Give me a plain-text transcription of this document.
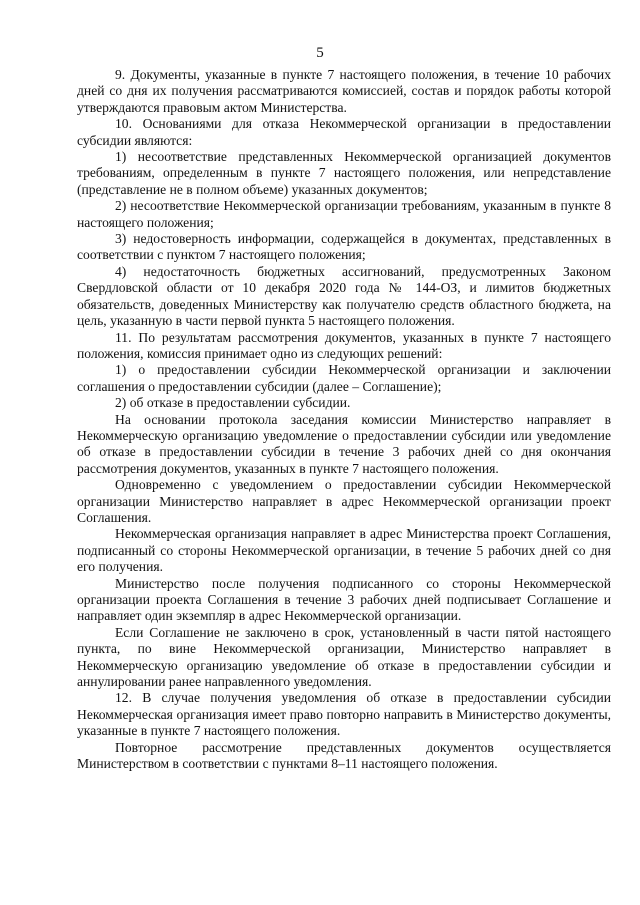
5

9. Документы, указанные в пункте 7 настоящего положения, в течение 10 рабочих дней со дня их получения рассматриваются комиссией, состав и порядок работы которой утверждаются правовым актом Министерства.

10. Основаниями для отказа Некоммерческой организации в предоставлении субсидии являются:

1) несоответствие представленных Некоммерческой организацией документов требованиям, определенным в пункте 7 настоящего положения, или непредставление (представление не в полном объеме) указанных документов;

2) несоответствие Некоммерческой организации требованиям, указанным в пункте 8 настоящего положения;

3) недостоверность информации, содержащейся в документах, представленных в соответствии с пунктом 7 настоящего положения;

4) недостаточность бюджетных ассигнований, предусмотренных Законом Свердловской области от 10 декабря 2020 года № 144-ОЗ, и лимитов бюджетных обязательств, доведенных Министерству как получателю средств областного бюджета, на цель, указанную в части первой пункта 5 настоящего положения.

11. По результатам рассмотрения документов, указанных в пункте 7 настоящего положения, комиссия принимает одно из следующих решений:

1) о предоставлении субсидии Некоммерческой организации и заключении соглашения о предоставлении субсидии (далее – Соглашение);

2) об отказе в предоставлении субсидии.

На основании протокола заседания комиссии Министерство направляет в Некоммерческую организацию уведомление о предоставлении субсидии или уведомление об отказе в предоставлении субсидии в течение 3 рабочих дней со дня окончания рассмотрения документов, указанных в пункте 7 настоящего положения.

Одновременно с уведомлением о предоставлении субсидии Некоммерческой организации Министерство направляет в адрес Некоммерческой организации проект Соглашения.

Некоммерческая организация направляет в адрес Министерства проект Соглашения, подписанный со стороны Некоммерческой организации, в течение 5 рабочих дней со дня его получения.

Министерство после получения подписанного со стороны Некоммерческой организации проекта Соглашения в течение 3 рабочих дней подписывает Соглашение и направляет один экземпляр в адрес Некоммерческой организации.

Если Соглашение не заключено в срок, установленный в части пятой настоящего пункта, по вине Некоммерческой организации, Министерство направляет в Некоммерческую организацию уведомление об отказе в предоставлении субсидии и аннулировании ранее направленного уведомления.

12. В случае получения уведомления об отказе в предоставлении субсидии Некоммерческая организация имеет право повторно направить в Министерство документы, указанные в пункте 7 настоящего положения.

Повторное рассмотрение представленных документов осуществляется Министерством в соответствии с пунктами 8–11 настоящего положения.
